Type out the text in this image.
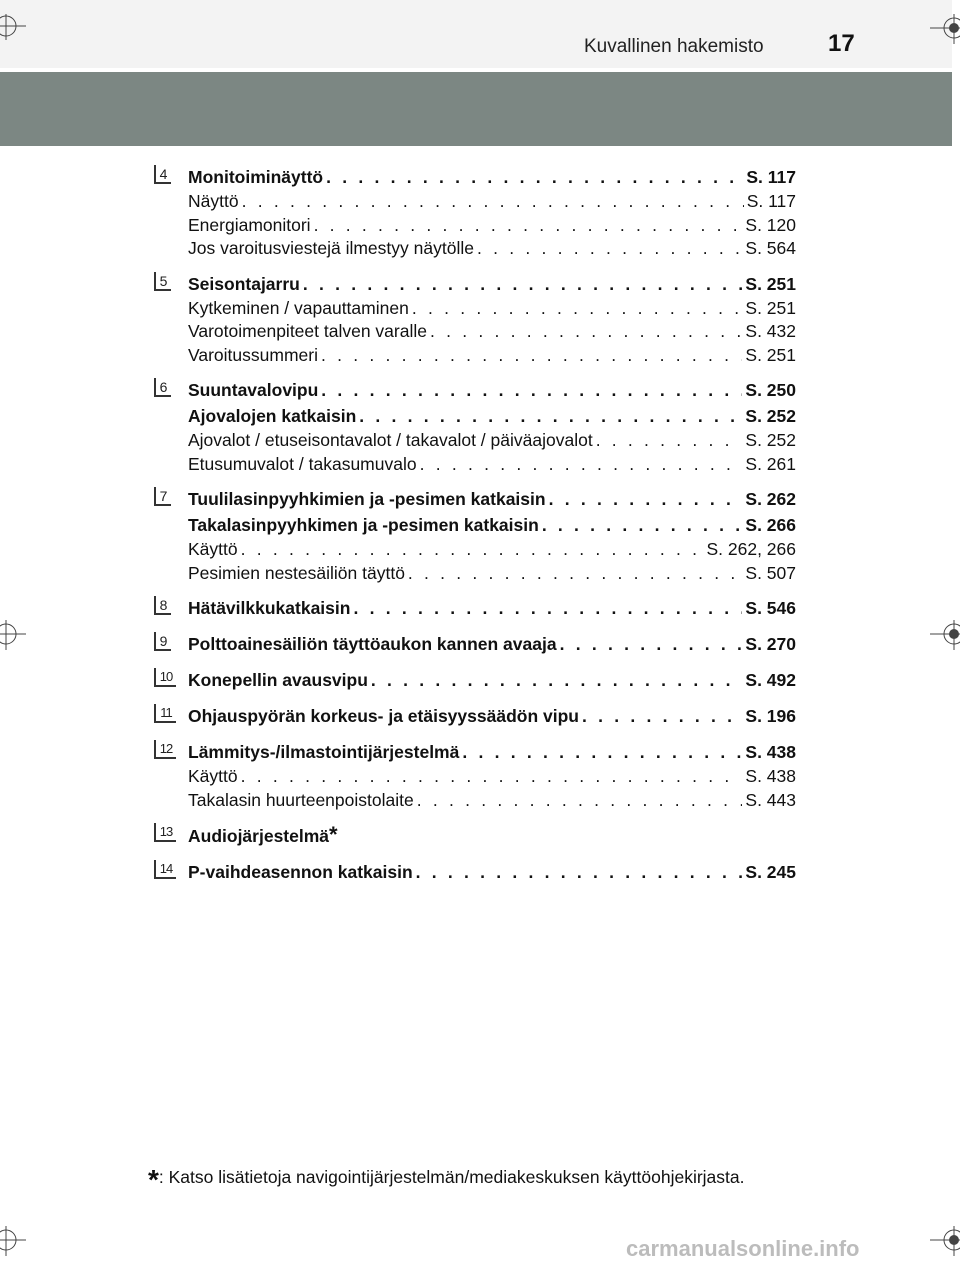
Kuvallinen hakemisto	17
4 Monitoiminäyttö . . .	S. 117
Näyttö . . .	S. 117
Energiamonitori . . .	S. 120
Jos varoitusviestejä ilmestyy näytölle . . .	S. 564
5 Seisontajarru . . .	S. 251
Kytkeminen / vapauttaminen . . .	S. 251
Varotoimenpiteet talven varalle . . .	S. 432
Varoitussummeri . . .	S. 251
6 Suuntavalovipu . . .	S. 250
Ajovalojen katkaisin . . .	S. 252
Ajovalot / etuseisontavalot / takavalot / päiväajovalot . . .	S. 252
Etusumuvalot / takasumuvalo . . .	S. 261
7 Tuulilasinpyyhkimien ja -pesimen katkaisin . . .	S. 262
Takalasinpyyhkimen ja -pesimen katkaisin . . .	S. 266
Käyttö . . .	S. 262, 266
Pesimien nestesäiliön täyttö . . .	S. 507
8 Hätävilkkukatkaisin . . .	S. 546
9 Polttoainesäiliön täyttöaukon kannen avaaja . . .	S. 270
10 Konepellin avausvipu . . .	S. 492
11 Ohjauspyörän korkeus- ja etäisyyssäädön vipu . . .	S. 196
12 Lämmitys-/ilmastointijärjestelmä . . .	S. 438
Käyttö . . .	S. 438
Takalasin huurteenpoistolaite . . .	S. 443
13 Audiojärjestelmä *
14 P-vaihdeasennon katkaisin . . .	S. 245
*: Katso lisätietoja navigointijärjestelmän/mediakeskuksen käyttöohjekirjasta.
carmanualsonline.info
